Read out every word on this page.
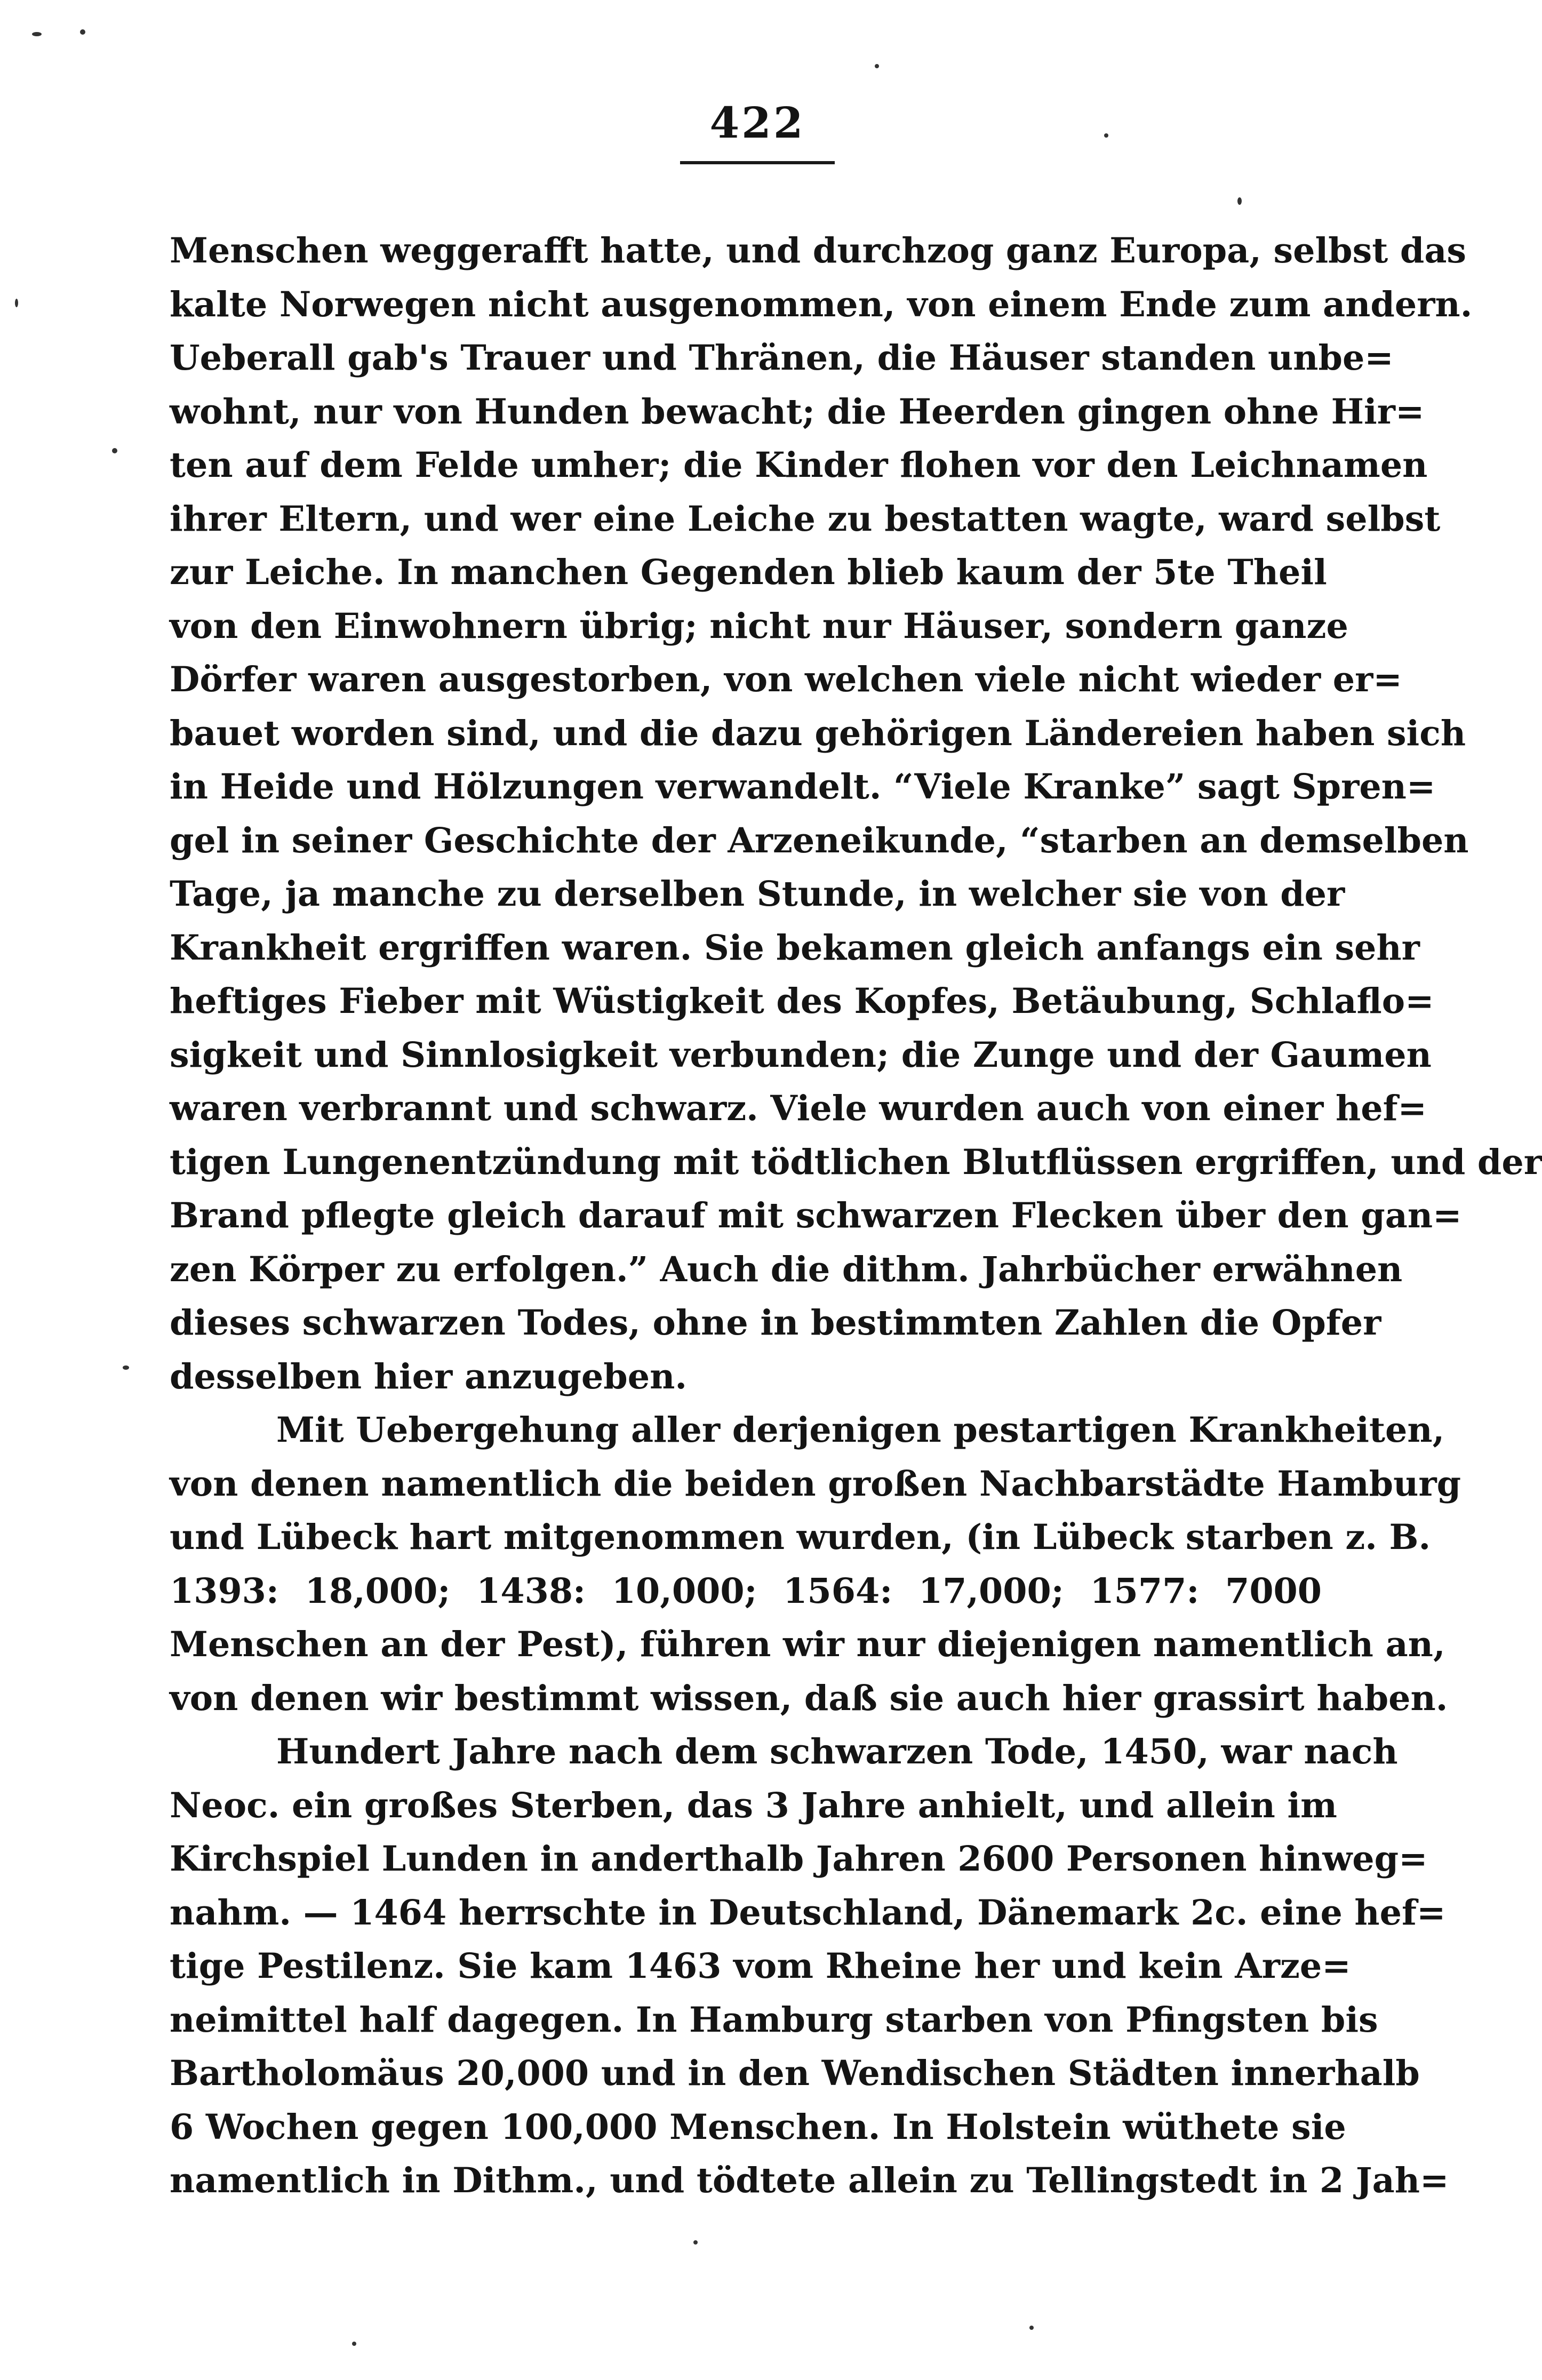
422
Menschen weggerafft hatte, und durchzog ganz Europa, selbst das
kalte Norwegen nicht ausgenommen, von einem Ende zum andern.
Ueberall gab's Trauer und Thränen, die Häuser standen unbe=
wohnt, nur von Hunden bewacht; die Heerden gingen ohne Hir=
ten auf dem Felde umher; die Kinder flohen vor den Leichnamen
ihrer Eltern, und wer eine Leiche zu bestatten wagte, ward selbst
zur Leiche. In manchen Gegenden blieb kaum der 5te Theil
von den Einwohnern übrig; nicht nur Häuser, sondern ganze
Dörfer waren ausgestorben, von welchen viele nicht wieder er=
bauet worden sind, und die dazu gehörigen Ländereien haben sich
in Heide und Hölzungen verwandelt. “Viele Kranke” sagt Spren=
gel in seiner Geschichte der Arzeneikunde, “starben an demselben
Tage, ja manche zu derselben Stunde, in welcher sie von der
Krankheit ergriffen waren. Sie bekamen gleich anfangs ein sehr
heftiges Fieber mit Wüstigkeit des Kopfes, Betäubung, Schlaflo=
sigkeit und Sinnlosigkeit verbunden; die Zunge und der Gaumen
waren verbrannt und schwarz. Viele wurden auch von einer hef=
tigen Lungenentzündung mit tödtlichen Blutflüssen ergriffen, und der
Brand pflegte gleich darauf mit schwarzen Flecken über den gan=
zen Körper zu erfolgen.” Auch die dithm. Jahrbücher erwähnen
dieses schwarzen Todes, ohne in bestimmten Zahlen die Opfer
desselben hier anzugeben.
Mit Uebergehung aller derjenigen pestartigen Krankheiten,
von denen namentlich die beiden großen Nachbarstädte Hamburg
und Lübeck hart mitgenommen wurden, (in Lübeck starben z. B.
1393: 18,000; 1438: 10,000; 1564: 17,000; 1577: 7000
Menschen an der Pest), führen wir nur diejenigen namentlich an,
von denen wir bestimmt wissen, daß sie auch hier grassirt haben.
Hundert Jahre nach dem schwarzen Tode, 1450, war nach
Neoc. ein großes Sterben, das 3 Jahre anhielt, und allein im
Kirchspiel Lunden in anderthalb Jahren 2600 Personen hinweg=
nahm. — 1464 herrschte in Deutschland, Dänemark 2c. eine hef=
tige Pestilenz. Sie kam 1463 vom Rheine her und kein Arze=
neimittel half dagegen. In Hamburg starben von Pfingsten bis
Bartholomäus 20,000 und in den Wendischen Städten innerhalb
6 Wochen gegen 100,000 Menschen. In Holstein wüthete sie
namentlich in Dithm., und tödtete allein zu Tellingstedt in 2 Jah=
